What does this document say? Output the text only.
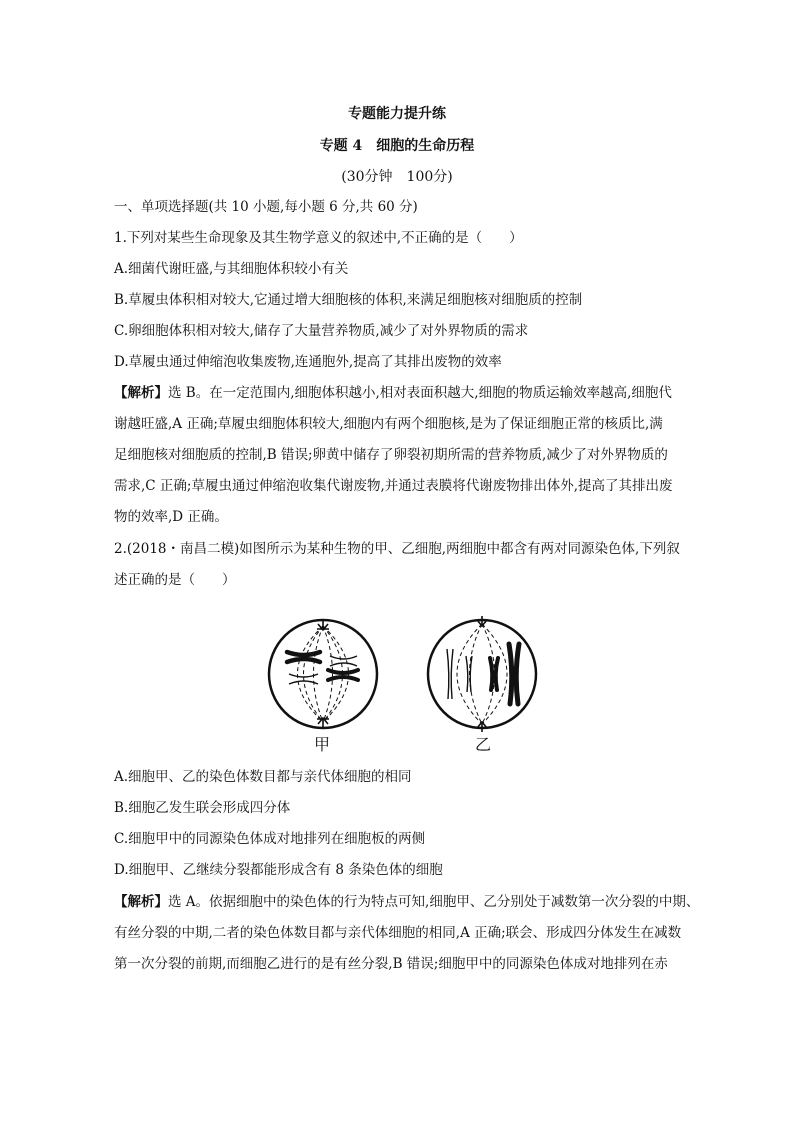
专题能力提升练
专题 4　细胞的生命历程
(30分钟　100分)
一、单项选择题(共 10 小题,每小题 6 分,共 60 分)
1.下列对某些生命现象及其生物学意义的叙述中,不正确的是（　　）
A.细菌代谢旺盛,与其细胞体积较小有关
B.草履虫体积相对较大,它通过增大细胞核的体积,来满足细胞核对细胞质的控制
C.卵细胞体积相对较大,储存了大量营养物质,减少了对外界物质的需求
D.草履虫通过伸缩泡收集废物,连通胞外,提高了其排出废物的效率
【解析】选 B。在一定范围内,细胞体积越小,相对表面积越大,细胞的物质运输效率越高,细胞代
谢越旺盛,A 正确;草履虫细胞体积较大,细胞内有两个细胞核,是为了保证细胞正常的核质比,满
足细胞核对细胞质的控制,B 错误;卵黄中储存了卵裂初期所需的营养物质,减少了对外界物质的
需求,C 正确;草履虫通过伸缩泡收集代谢废物,并通过表膜将代谢废物排出体外,提高了其排出废
物的效率,D 正确。
2.(2018・南昌二模)如图所示为某种生物的甲、乙细胞,两细胞中都含有两对同源染色体,下列叙
述正确的是（　　）
甲	乙
A.细胞甲、乙的染色体数目都与亲代体细胞的相同
B.细胞乙发生联会形成四分体
C.细胞甲中的同源染色体成对地排列在细胞板的两侧
D.细胞甲、乙继续分裂都能形成含有 8 条染色体的细胞
【解析】选 A。依据细胞中的染色体的行为特点可知,细胞甲、乙分别处于减数第一次分裂的中期、
有丝分裂的中期,二者的染色体数目都与亲代体细胞的相同,A 正确;联会、形成四分体发生在减数
第一次分裂的前期,而细胞乙进行的是有丝分裂,B 错误;细胞甲中的同源染色体成对地排列在赤
